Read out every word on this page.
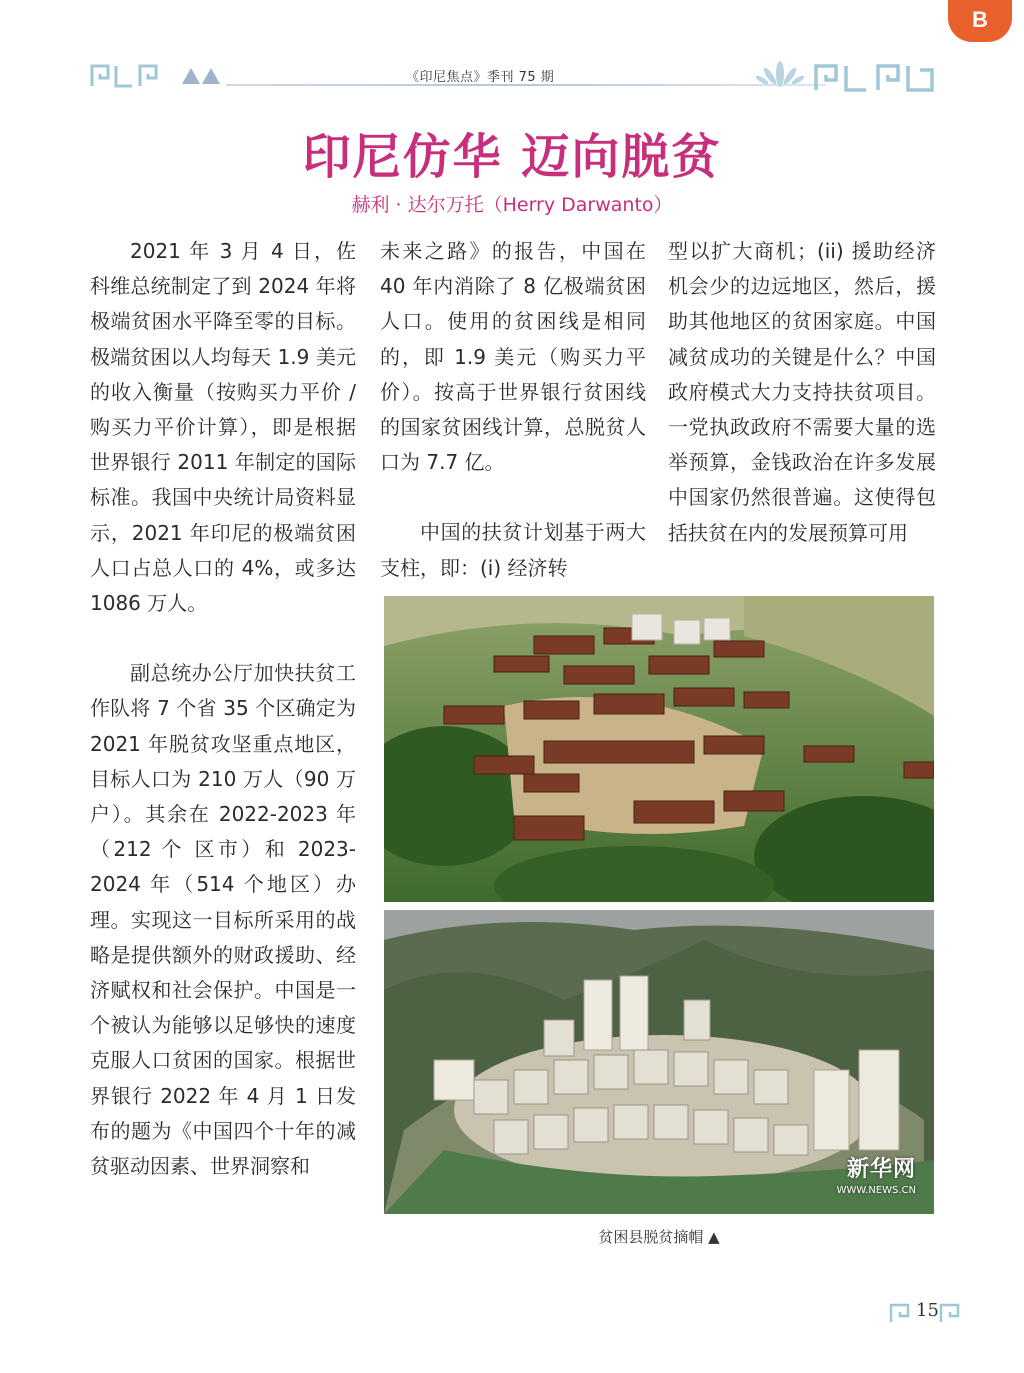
B
《印尼焦点》季刊 75 期
印尼仿华 迈向脱贫
赫利 · 达尔万托（Herry Darwanto）

2021 年 3 月 4 日，佐科维总统制定了到 2024 年将极端贫困水平降至零的目标。极端贫困以人均每天 1.9 美元的收入衡量（按购买力平价 / 购买力平价计算），即是根据世界银行 2011 年制定的国际标准。我国中央统计局资料显示，2021 年印尼的极端贫困人口占总人口的 4%，或多达 1086 万人。

副总统办公厅加快扶贫工作队将 7 个省 35 个区确定为 2021 年脱贫攻坚重点地区，目标人口为 210 万人（90 万户）。其余在 2022-2023 年（212 个 区市）和 2023-2024 年（514 个地区）办理。实现这一目标所采用的战略是提供额外的财政援助、经济赋权和社会保护。中国是一个被认为能够以足够快的速度克服人口贫困的国家。根据世界银行 2022 年 4 月 1 日发布的题为《中国四个十年的减贫驱动因素、世界洞察和

未来之路》的报告，中国在 40 年内消除了 8 亿极端贫困人口。使用的贫困线是相同的，即 1.9 美元（购买力平价）。按高于世界银行贫困线的国家贫困线计算，总脱贫人口为 7.7 亿。

中国的扶贫计划基于两大支柱，即：(i) 经济转

型以扩大商机；(ii) 援助经济机会少的边远地区，然后，援助其他地区的贫困家庭。中国减贫成功的关键是什么？中国政府模式大力支持扶贫项目。一党执政政府不需要大量的选举预算，金钱政治在许多发展中国家仍然很普遍。这使得包括扶贫在内的发展预算可用

新华网
WWW.NEWS.CN
贫困县脱贫摘帽 ▲
15
